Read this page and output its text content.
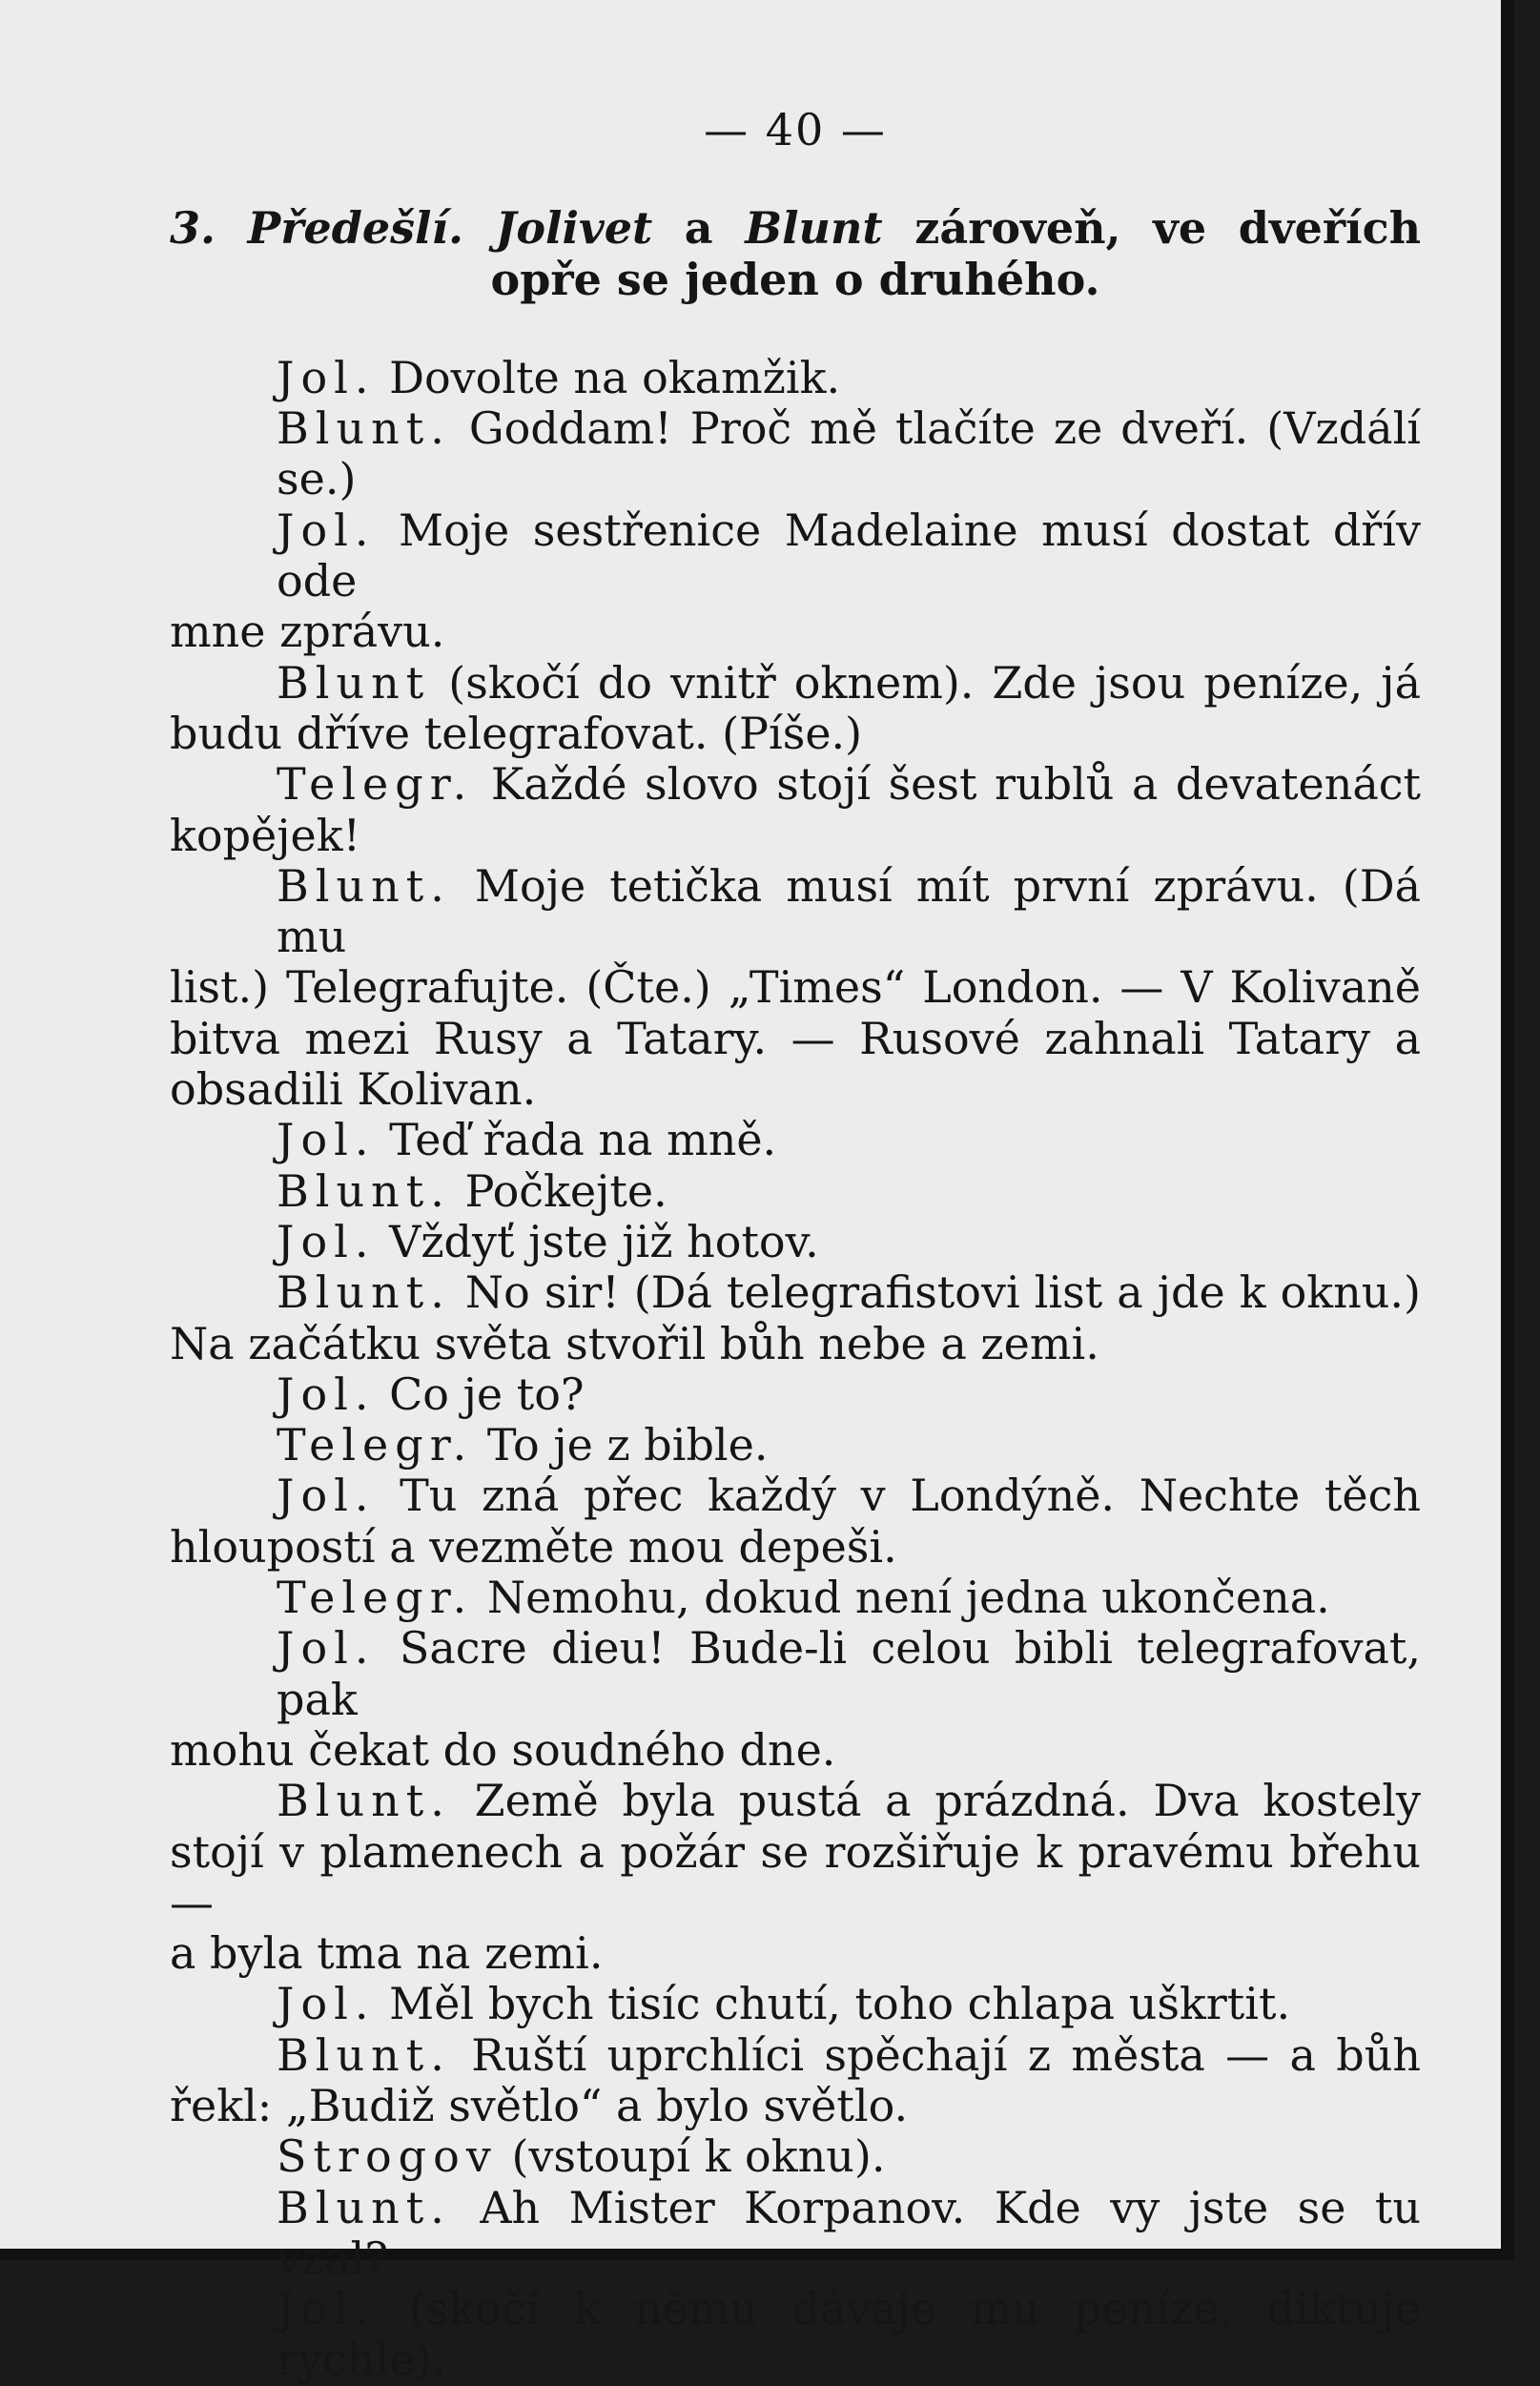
— 40 —
3. Předešlí. Jolivet a Blunt zároveň, ve dveřích opře se jeden o druhého.
Jol. Dovolte na okamžik.
Blunt. Goddam! Proč mě tlačíte ze dveří. (Vzdálí se.)
Jol. Moje sestřenice Madelaine musí dostat dřív ode
mne zprávu.
Blunt (skočí do vnitř oknem). Zde jsou peníze, já
budu dříve telegrafovat. (Píše.)
Telegr. Každé slovo stojí šest rublů a devatenáct
kopějek!
Blunt. Moje tetička musí mít první zprávu. (Dá mu
list.) Telegrafujte. (Čte.) „Times“ London. — V Kolivaně
bitva mezi Rusy a Tatary. — Rusové zahnali Tatary a
obsadili Kolivan.
Jol. Teď řada na mně.
Blunt. Počkejte.
Jol. Vždyť jste již hotov.
Blunt. No sir! (Dá telegrafistovi list a jde k oknu.)
Na začátku světa stvořil bůh nebe a zemi.
Jol. Co je to?
Telegr. To je z bible.
Jol. Tu zná přec každý v Londýně. Nechte těch
hloupostí a vezměte mou depeši.
Telegr. Nemohu, dokud není jedna ukončena.
Jol. Sacre dieu! Bude-li celou bibli telegrafovat, pak
mohu čekat do soudného dne.
Blunt. Země byla pustá a prázdná. Dva kostely
stojí v plamenech a požár se rozšiřuje k pravému břehu —
a byla tma na zemi.
Jol. Měl bych tisíc chutí, toho chlapa uškrtit.
Blunt. Ruští uprchlíci spěchají z města — a bůh
řekl: „Budiž světlo“ a bylo světlo.
Strogov (vstoupí k oknu).
Blunt. Ah Mister Korpanov. Kde vy jste se tu vzal?
Jol. (skočí k němu dávaje mu peníze, diktuje rychle).
